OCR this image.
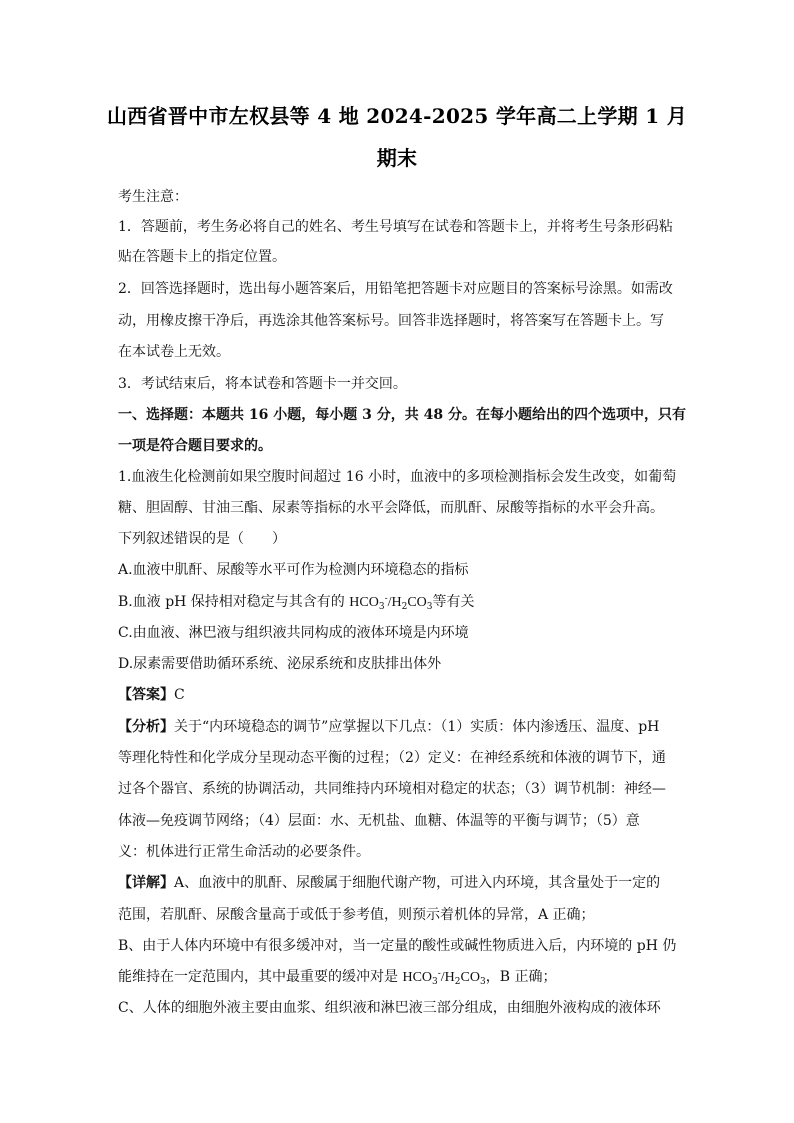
山西省晋中市左权县等 4 地 2024-2025 学年高二上学期 1 月
期末
考生注意：
1．答题前，考生务必将自己的姓名、考生号填写在试卷和答题卡上，并将考生号条形码粘
贴在答题卡上的指定位置。
2．回答选择题时，选出每小题答案后，用铅笔把答题卡对应题目的答案标号涂黑。如需改
动，用橡皮擦干净后，再选涂其他答案标号。回答非选择题时，将答案写在答题卡上。写
在本试卷上无效。
3．考试结束后，将本试卷和答题卡一并交回。
一、选择题：本题共 16 小题，每小题 3 分，共 48 分。在每小题给出的四个选项中，只有
一项是符合题目要求的。
1.血液生化检测前如果空腹时间超过 16 小时，血液中的多项检测指标会发生改变，如葡萄
糖、胆固醇、甘油三酯、尿素等指标的水平会降低，而肌酐、尿酸等指标的水平会升高。
下列叙述错误的是（　　）
A.血液中肌酐、尿酸等水平可作为检测内环境稳态的指标
B.血液 pH 保持相对稳定与其含有的 $HCO_3^-/H_2CO_3$等有关
C.由血液、淋巴液与组织液共同构成的液体环境是内环境
D.尿素需要借助循环系统、泌尿系统和皮肤排出体外
【答案】C
【分析】关于“内环境稳态的调节”应掌握以下几点：（1）实质：体内渗透压、温度、pH
等理化特性和化学成分呈现动态平衡的过程；（2）定义：在神经系统和体液的调节下，通
过各个器官、系统的协调活动，共同维持内环境相对稳定的状态；（3）调节机制：神经—
体液—免疫调节网络；（4）层面：水、无机盐、血糖、体温等的平衡与调节；（5）意
义：机体进行正常生命活动的必要条件。
【详解】A、血液中的肌酐、尿酸属于细胞代谢产物，可进入内环境，其含量处于一定的
范围，若肌酐、尿酸含量高于或低于参考值，则预示着机体的异常，A 正确；
B、由于人体内环境中有很多缓冲对，当一定量的酸性或碱性物质进入后，内环境的 pH 仍
能维持在一定范围内，其中最重要的缓冲对是 $HCO_3^-/H_2CO_3$，B 正确；
C、人体的细胞外液主要由血浆、组织液和淋巴液三部分组成，由细胞外液构成的液体环
